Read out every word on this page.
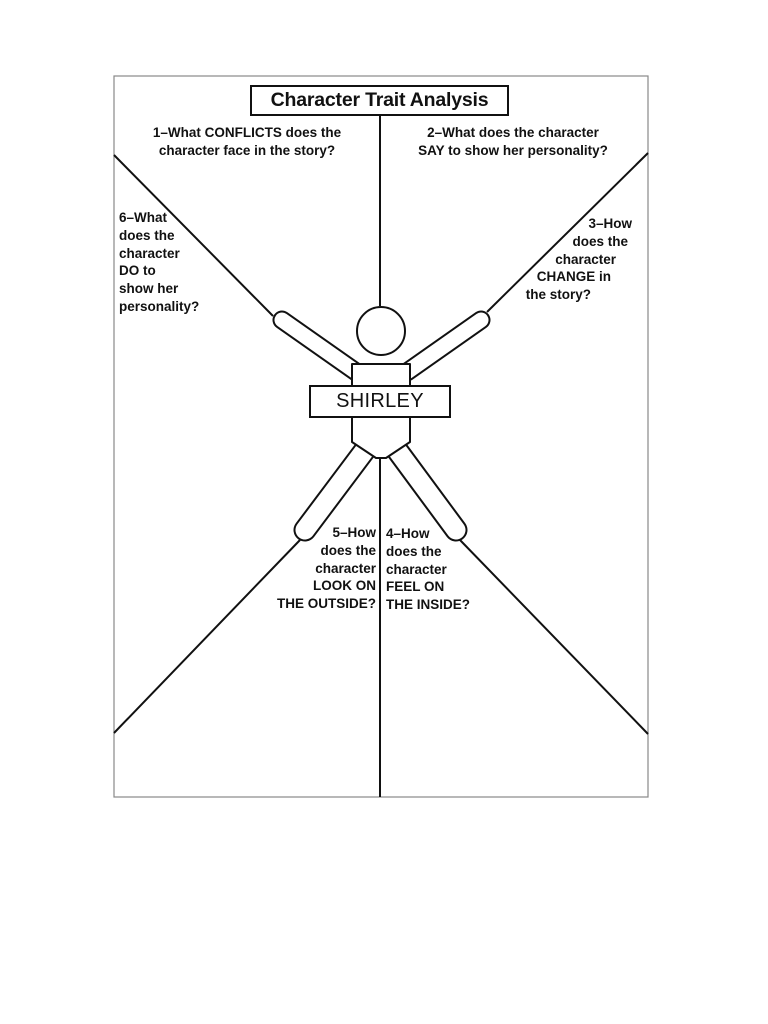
Character Trait Analysis
SHIRLEY
1–What CONFLICTS does the
character face in the story?
2–What does the character
SAY to show her personality?
3–How
does the
character
CHANGE in
the story?
4–How
does the
character
FEEL ON
THE INSIDE?
5–How
does the
character
LOOK ON
THE OUTSIDE?
6–What
does the
character
DO to
show her
personality?
